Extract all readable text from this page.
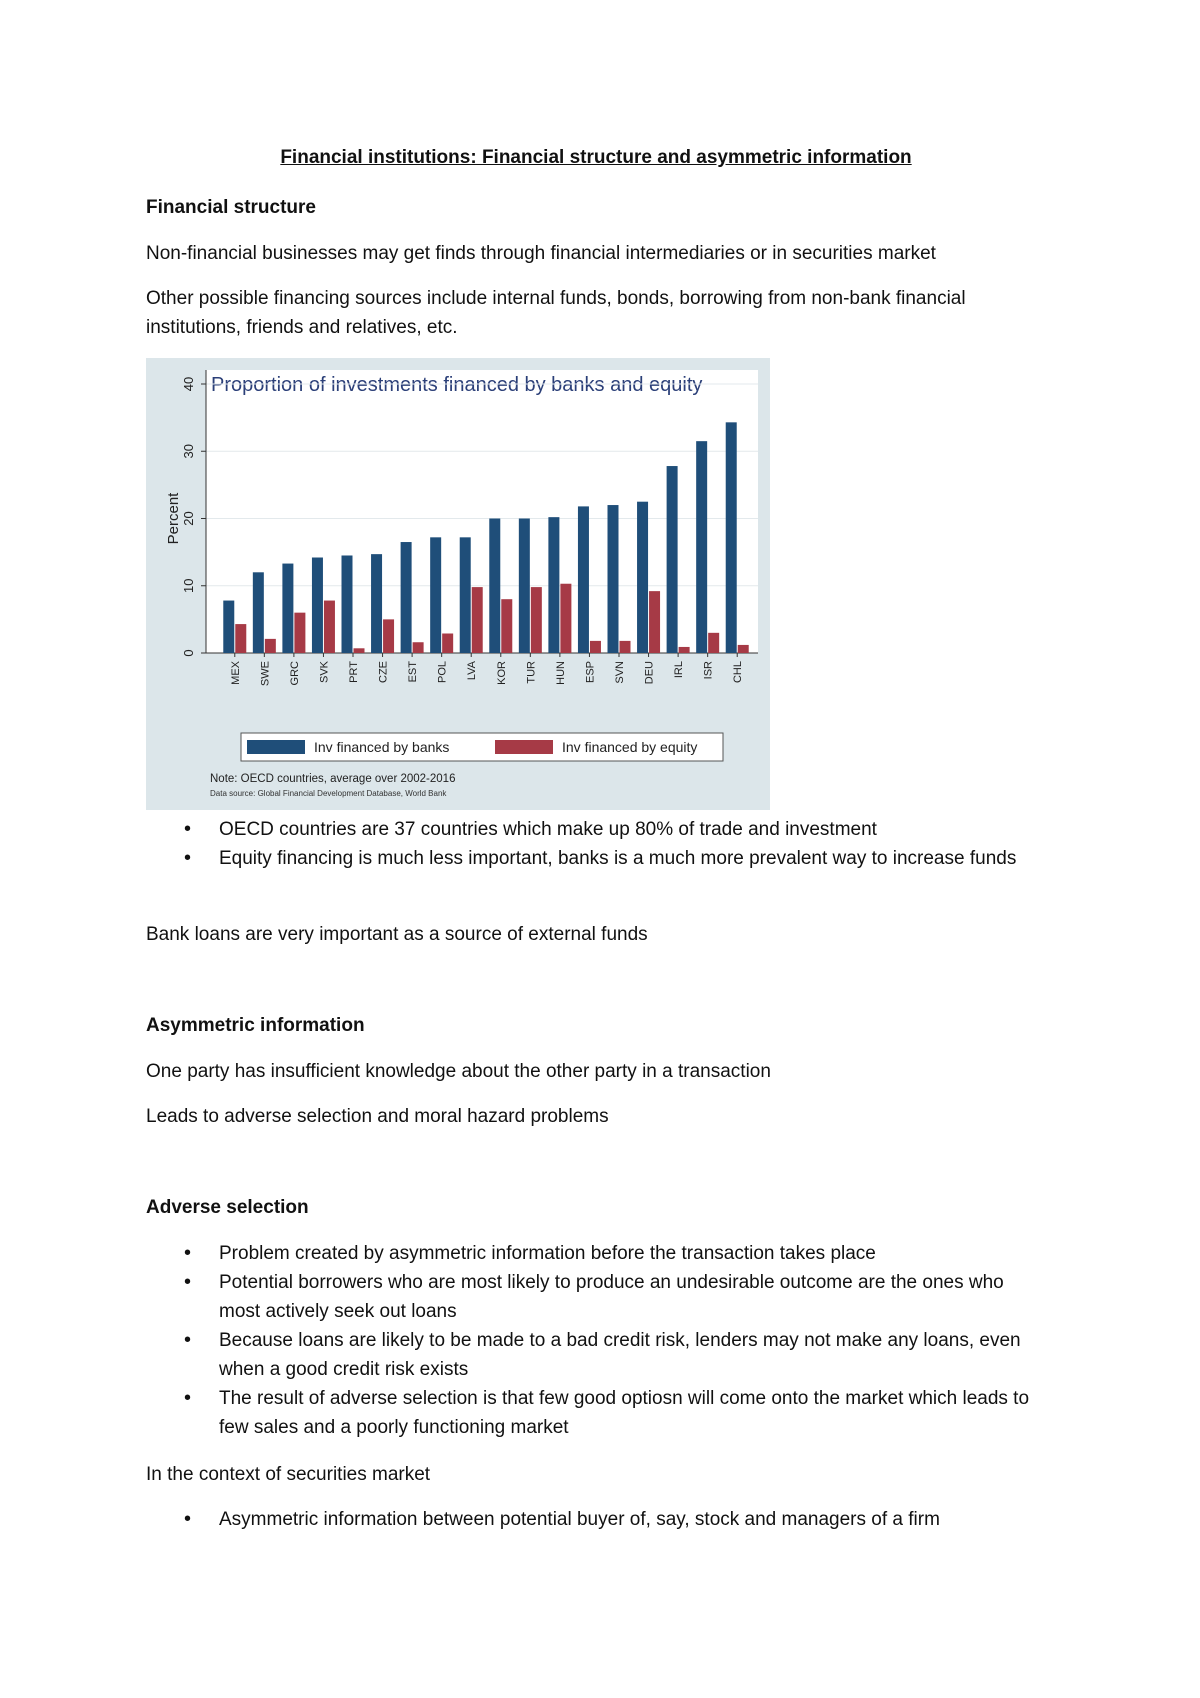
Financial institutions: Financial structure and asymmetric information

Financial structure

Non-financial businesses may get finds through financial intermediaries or in securities market

Other possible financing sources include internal funds, bonds, borrowing from non-bank financial institutions, friends and relatives, etc.

Proportion of investments financed by banks and equity
0
10
20
30
40
Percent
MEX SWE GRC SVK PRT CZE EST POL LVA KOR TUR HUN ESP SVN DEU IRL ISR CHL
Inv financed by banks	Inv financed by equity
Note: OECD countries, average over 2002-2016
Data source: Global Financial Development Database, World Bank
• OECD countries are 37 countries which make up 80% of trade and investment
• Equity financing is much less important, banks is a much more prevalent way to increase funds

Bank loans are very important as a source of external funds

Asymmetric information

One party has insufficient knowledge about the other party in a transaction

Leads to adverse selection and moral hazard problems

Adverse selection

• Problem created by asymmetric information before the transaction takes place
• Potential borrowers who are most likely to produce an undesirable outcome are the ones who most actively seek out loans
• Because loans are likely to be made to a bad credit risk, lenders may not make any loans, even when a good credit risk exists
• The result of adverse selection is that few good optiosn will come onto the market which leads to few sales and a poorly functioning market

In the context of securities market

• Asymmetric information between potential buyer of, say, stock and managers of a firm
